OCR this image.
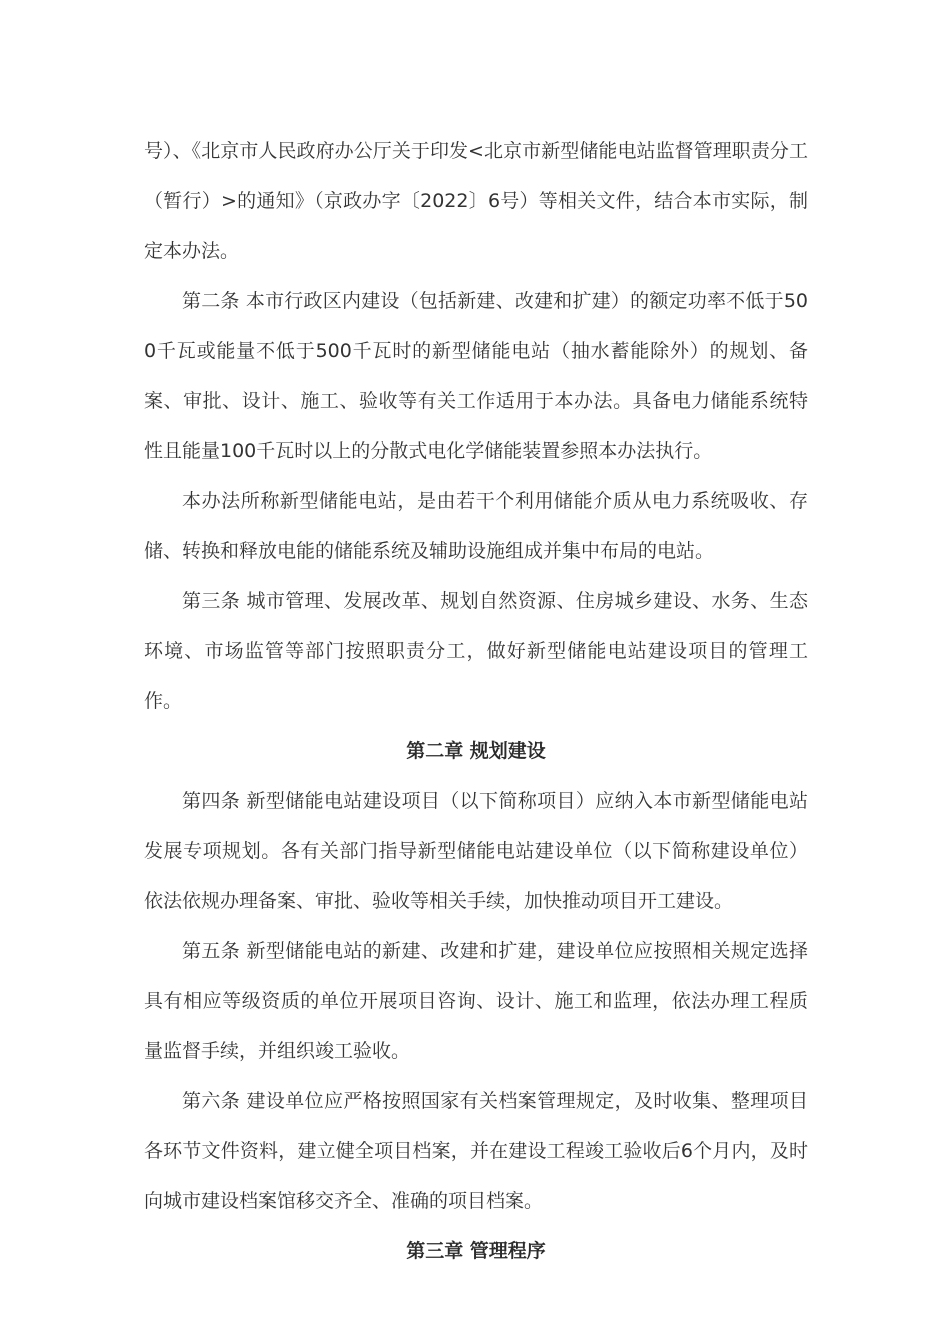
号）、《北京市人民政府办公厅关于印发<北京市新型储能电站监督管理职责分工（暂行）>的通知》（京政办字〔2022〕6号）等相关文件，结合本市实际，制定本办法。

第二条 本市行政区内建设（包括新建、改建和扩建）的额定功率不低于500千瓦或能量不低于500千瓦时的新型储能电站（抽水蓄能除外）的规划、备案、审批、设计、施工、验收等有关工作适用于本办法。具备电力储能系统特性且能量100千瓦时以上的分散式电化学储能装置参照本办法执行。

本办法所称新型储能电站，是由若干个利用储能介质从电力系统吸收、存储、转换和释放电能的储能系统及辅助设施组成并集中布局的电站。

第三条 城市管理、发展改革、规划自然资源、住房城乡建设、水务、生态环境、市场监管等部门按照职责分工，做好新型储能电站建设项目的管理工作。

第二章 规划建设

第四条 新型储能电站建设项目（以下简称项目）应纳入本市新型储能电站发展专项规划。各有关部门指导新型储能电站建设单位（以下简称建设单位）依法依规办理备案、审批、验收等相关手续，加快推动项目开工建设。

第五条 新型储能电站的新建、改建和扩建，建设单位应按照相关规定选择具有相应等级资质的单位开展项目咨询、设计、施工和监理，依法办理工程质量监督手续，并组织竣工验收。

第六条 建设单位应严格按照国家有关档案管理规定，及时收集、整理项目各环节文件资料，建立健全项目档案，并在建设工程竣工验收后6个月内，及时向城市建设档案馆移交齐全、准确的项目档案。

第三章 管理程序
